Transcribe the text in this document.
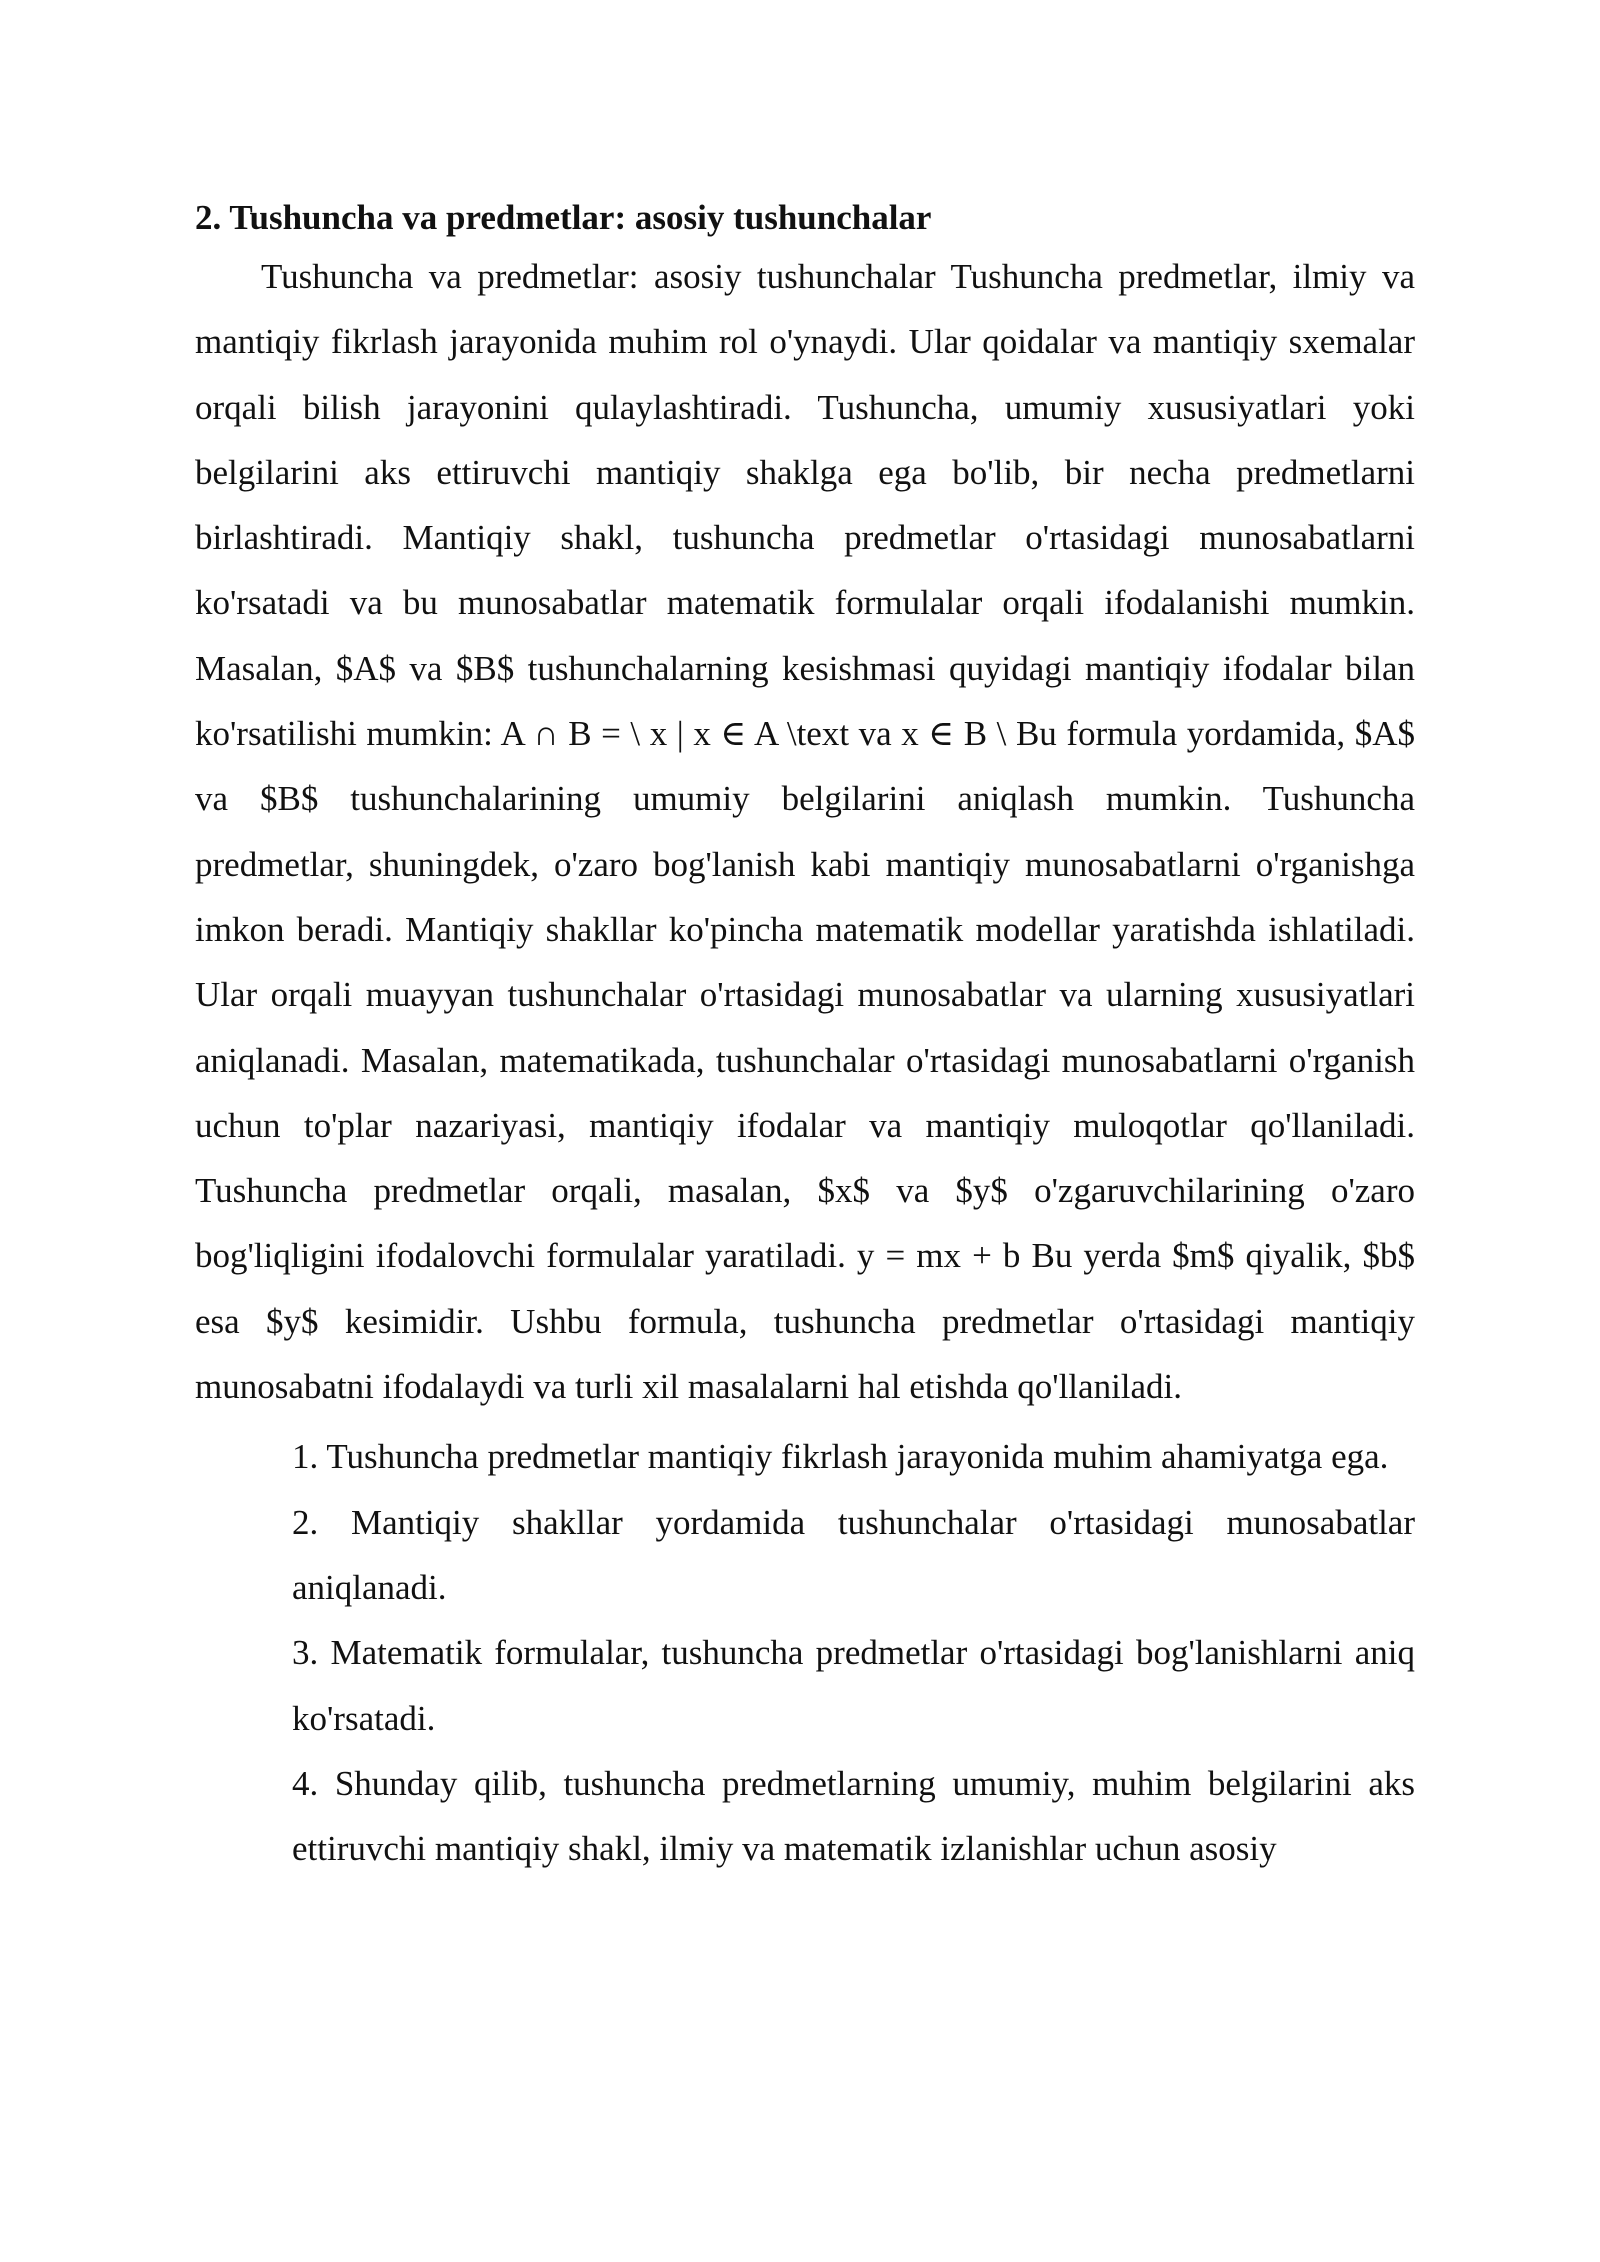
2. Tushuncha va predmetlar: asosiy tushunchalar

Tushuncha va predmetlar: asosiy tushunchalar Tushuncha predmetlar, ilmiy va mantiqiy fikrlash jarayonida muhim rol o'ynaydi. Ular qoidalar va mantiqiy sxemalar orqali bilish jarayonini qulaylashtiradi. Tushuncha, umumiy xususiyatlari yoki belgilarini aks ettiruvchi mantiqiy shaklga ega bo'lib, bir necha predmetlarni birlashtiradi. Mantiqiy shakl, tushuncha predmetlar o'rtasidagi munosabatlarni ko'rsatadi va bu munosabatlar matematik formulalar orqali ifodalanishi mumkin. Masalan, $A$ va $B$ tushunchalarning kesishmasi quyidagi mantiqiy ifodalar bilan ko'rsatilishi mumkin: A ∩ B = \ x | x ∈ A \text va x ∈ B \ Bu formula yordamida, $A$ va $B$ tushunchalarining umumiy belgilarini aniqlash mumkin. Tushuncha predmetlar, shuningdek, o'zaro bog'lanish kabi mantiqiy munosabatlarni o'rganishga imkon beradi. Mantiqiy shakllar ko'pincha matematik modellar yaratishda ishlatiladi. Ular orqali muayyan tushunchalar o'rtasidagi munosabatlar va ularning xususiyatlari aniqlanadi. Masalan, matematikada, tushunchalar o'rtasidagi munosabatlarni o'rganish uchun to'plar nazariyasi, mantiqiy ifodalar va mantiqiy muloqotlar qo'llaniladi. Tushuncha predmetlar orqali, masalan, $x$ va $y$ o'zgaruvchilarining o'zaro bog'liqligini ifodalovchi formulalar yaratiladi. y = mx + b Bu yerda $m$ qiyalik, $b$ esa $y$ kesimidir. Ushbu formula, tushuncha predmetlar o'rtasidagi mantiqiy munosabatni ifodalaydi va turli xil masalalarni hal etishda qo'llaniladi.

1. Tushuncha predmetlar mantiqiy fikrlash jarayonida muhim ahamiyatga ega.
2. Mantiqiy shakllar yordamida tushunchalar o'rtasidagi munosabatlar aniqlanadi.
3. Matematik formulalar, tushuncha predmetlar o'rtasidagi bog'lanishlarni aniq ko'rsatadi.
4. Shunday qilib, tushuncha predmetlarning umumiy, muhim belgilarini aks ettiruvchi mantiqiy shakl, ilmiy va matematik izlanishlar uchun asosiy
